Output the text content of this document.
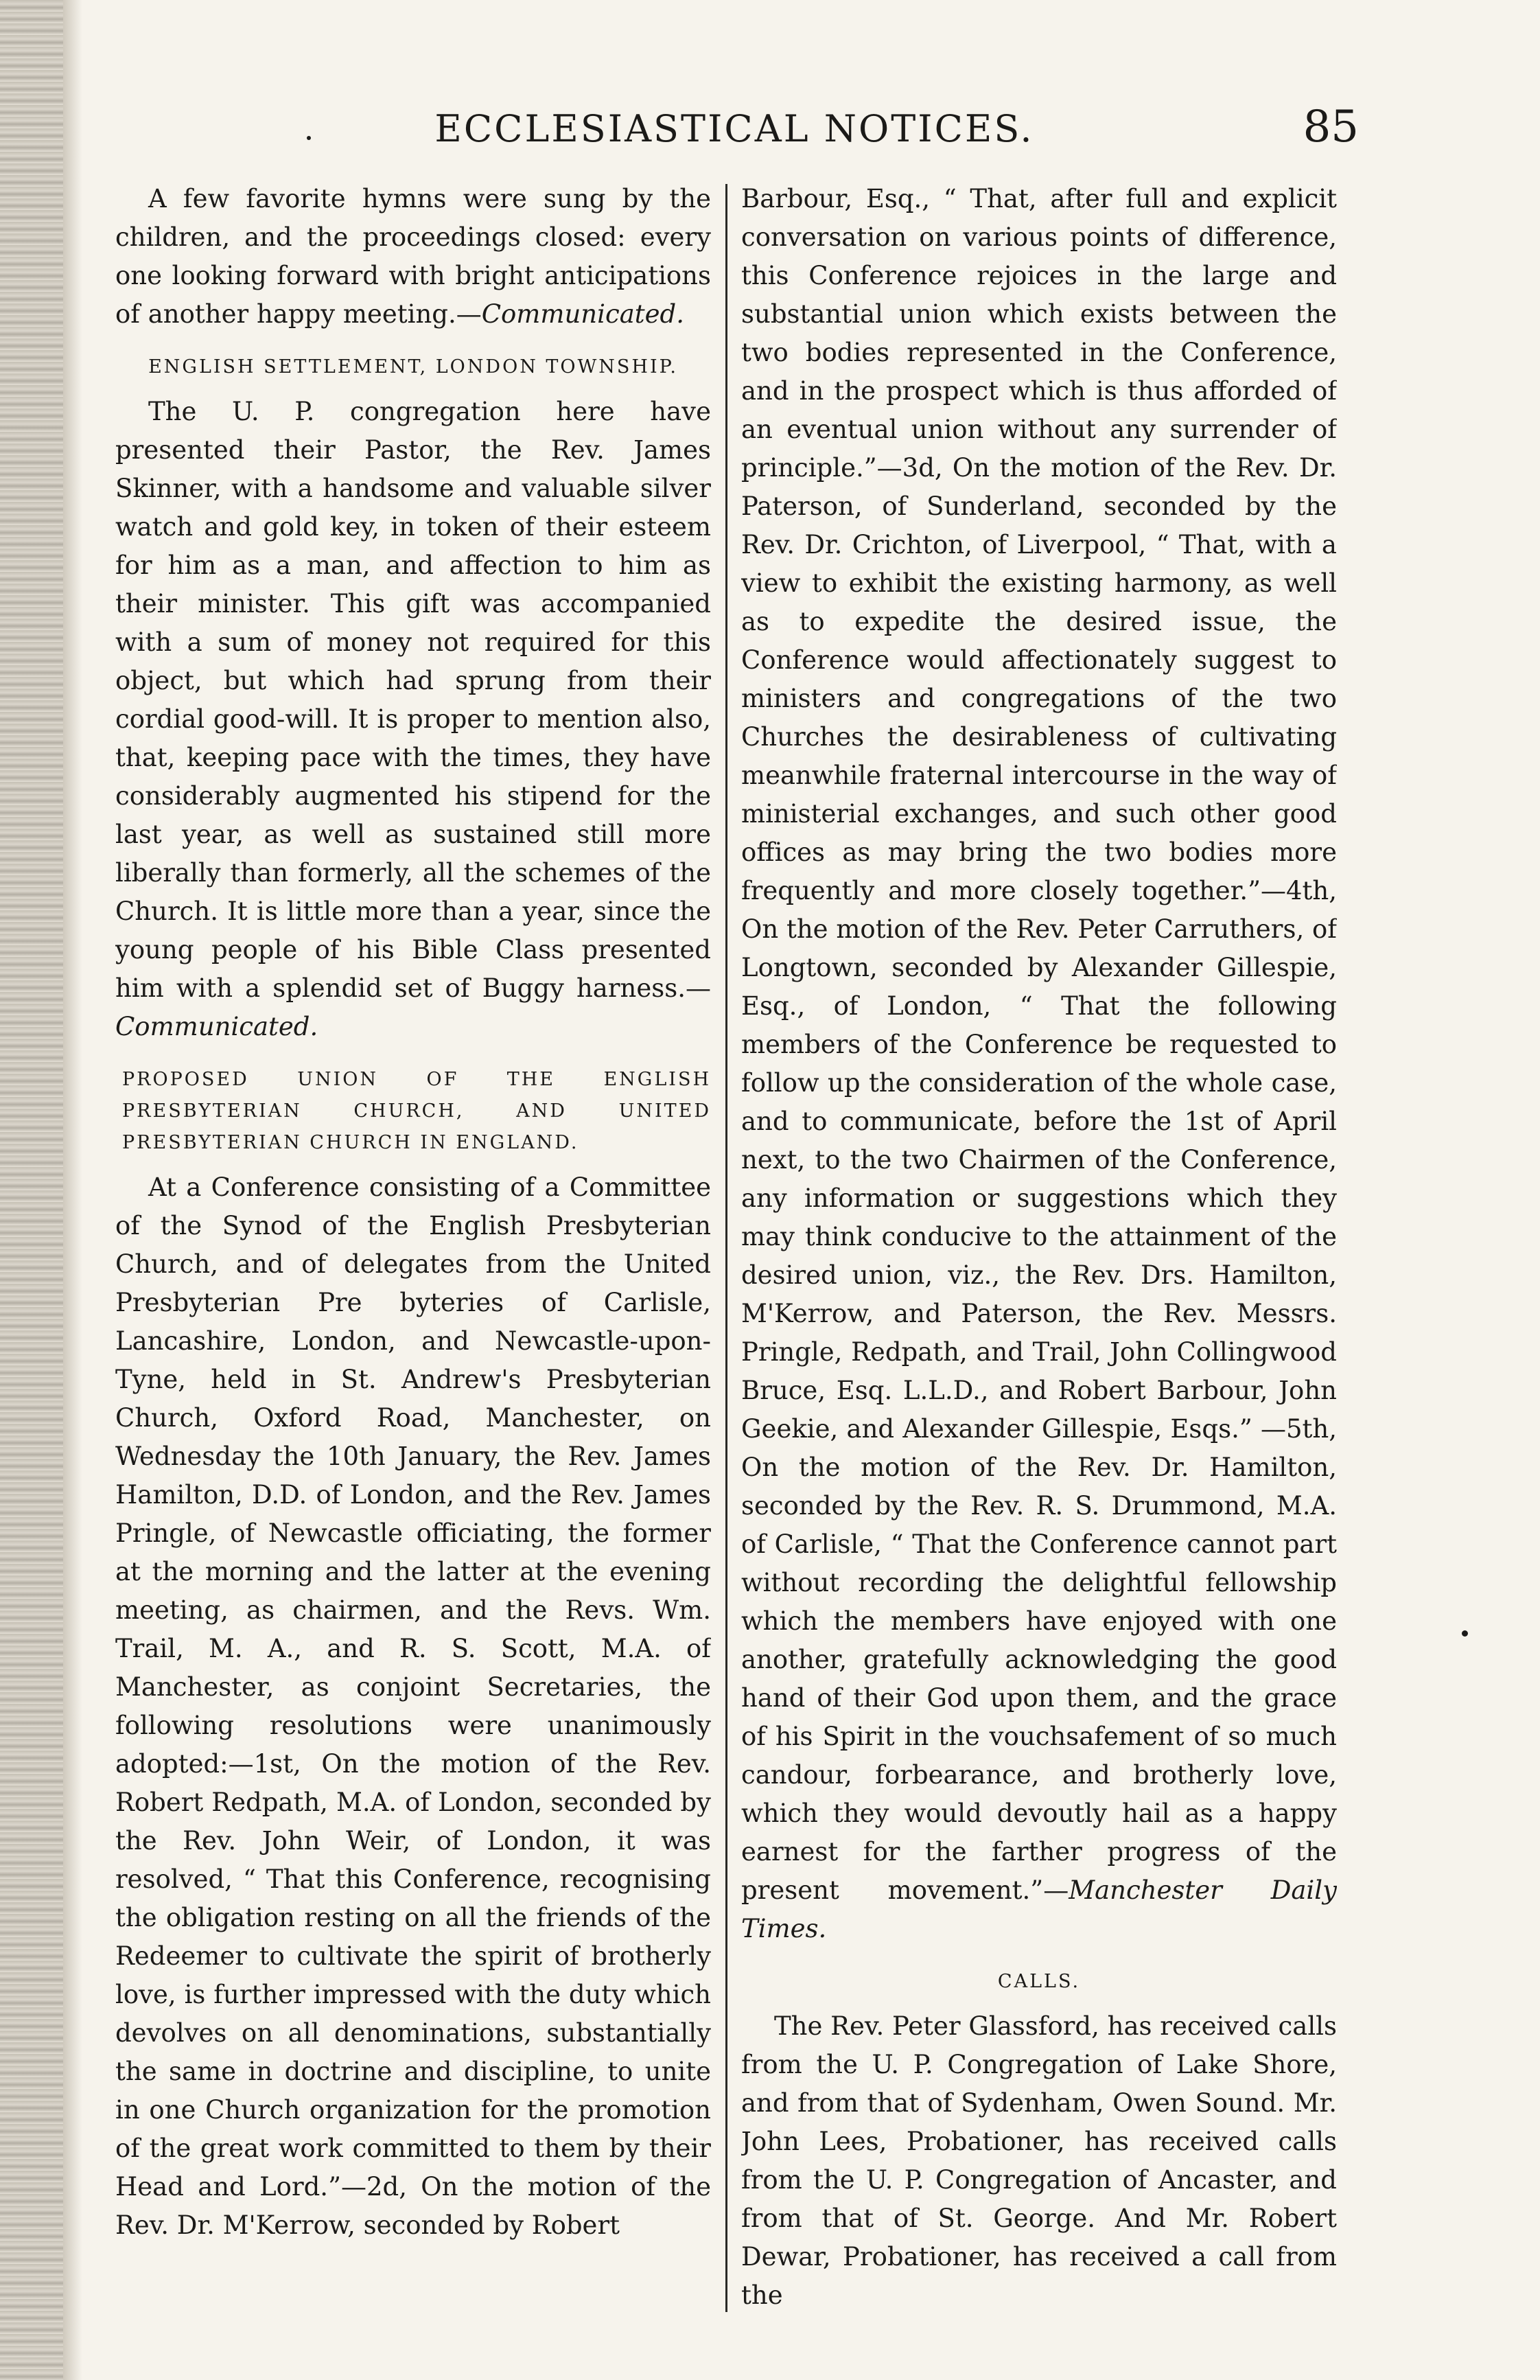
ECCLESIASTICAL NOTICES.	85

A few favorite hymns were sung by the children, and the proceedings closed: every one looking forward with bright anticipations of another happy meeting.—Communicated.

ENGLISH SETTLEMENT, LONDON TOWNSHIP.

The U. P. congregation here have presented their Pastor, the Rev. James Skinner, with a handsome and valuable silver watch and gold key, in token of their esteem for him as a man, and affection to him as their minister. This gift was accompanied with a sum of money not required for this object, but which had sprung from their cordial good-will. It is proper to mention also, that, keeping pace with the times, they have considerably augmented his stipend for the last year, as well as sustained still more liberally than formerly, all the schemes of the Church. It is little more than a year, since the young people of his Bible Class presented him with a splendid set of Buggy harness.—Communicated.

PROPOSED UNION OF THE ENGLISH PRESBYTERIAN CHURCH, AND UNITED PRESBYTERIAN CHURCH IN ENGLAND.

At a Conference consisting of a Committee of the Synod of the English Presbyterian Church, and of delegates from the United Presbyterian Pre byteries of Carlisle, Lancashire, London, and Newcastle-upon-Tyne, held in St. Andrew's Presbyterian Church, Oxford Road, Manchester, on Wednesday the 10th January, the Rev. James Hamilton, D.D. of London, and the Rev. James Pringle, of Newcastle officiating, the former at the morning and the latter at the evening meeting, as chairmen, and the Revs. Wm. Trail, M. A., and R. S. Scott, M.A. of Manchester, as conjoint Secretaries, the following resolutions were unanimously adopted:—1st, On the motion of the Rev. Robert Redpath, M.A. of London, seconded by the Rev. John Weir, of London, it was resolved, “ That this Conference, recognising the obligation resting on all the friends of the Redeemer to cultivate the spirit of brotherly love, is further impressed with the duty which devolves on all denominations, substantially the same in doctrine and discipline, to unite in one Church organization for the promotion of the great work committed to them by their Head and Lord.”—2d, On the motion of the Rev. Dr. M'Kerrow, seconded by Robert

Barbour, Esq., “ That, after full and explicit conversation on various points of difference, this Conference rejoices in the large and substantial union which exists between the two bodies represented in the Conference, and in the prospect which is thus afforded of an eventual union without any surrender of principle.”—3d, On the motion of the Rev. Dr. Paterson, of Sunderland, seconded by the Rev. Dr. Crichton, of Liverpool, “ That, with a view to exhibit the existing harmony, as well as to expedite the desired issue, the Conference would affectionately suggest to ministers and congregations of the two Churches the desirableness of cultivating meanwhile fraternal intercourse in the way of ministerial exchanges, and such other good offices as may bring the two bodies more frequently and more closely together.”—4th, On the motion of the Rev. Peter Carruthers, of Longtown, seconded by Alexander Gillespie, Esq., of London, “ That the following members of the Conference be requested to follow up the consideration of the whole case, and to communicate, before the 1st of April next, to the two Chairmen of the Conference, any information or suggestions which they may think conducive to the attainment of the desired union, viz., the Rev. Drs. Hamilton, M'Kerrow, and Paterson, the Rev. Messrs. Pringle, Redpath, and Trail, John Collingwood Bruce, Esq. L.L.D., and Robert Barbour, John Geekie, and Alexander Gillespie, Esqs.” —5th, On the motion of the Rev. Dr. Hamilton, seconded by the Rev. R. S. Drummond, M.A. of Carlisle, “ That the Conference cannot part without recording the delightful fellowship which the members have enjoyed with one another, gratefully acknowledging the good hand of their God upon them, and the grace of his Spirit in the vouchsafement of so much candour, forbearance, and brotherly love, which they would devoutly hail as a happy earnest for the farther progress of the present movement.”—Manchester Daily Times.

CALLS.

The Rev. Peter Glassford, has received calls from the U. P. Congregation of Lake Shore, and from that of Sydenham, Owen Sound. Mr. John Lees, Probationer, has received calls from the U. P. Congregation of Ancaster, and from that of St. George. And Mr. Robert Dewar, Probationer, has received a call from the
